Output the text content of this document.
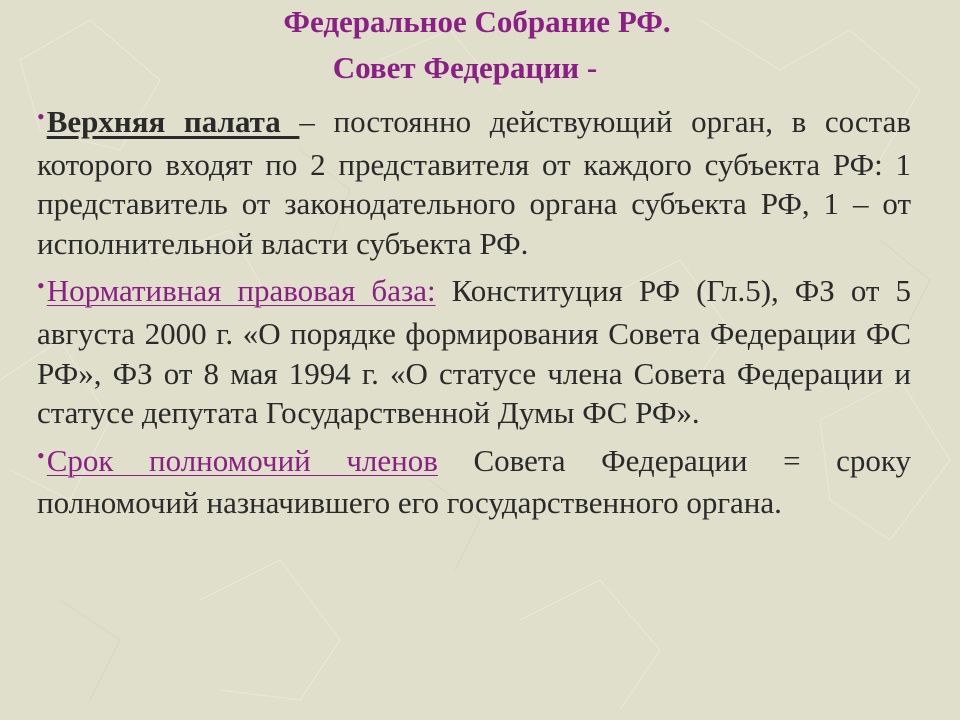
Федеральное Собрание РФ.
Совет Федерации -

•Верхняя палата – постоянно действующий орган, в состав которого входят по 2 представителя от каждого субъекта РФ: 1 представитель от законодательного органа субъекта РФ, 1 – от исполнительной власти субъекта РФ.

•Нормативная правовая база: Конституция РФ (Гл.5), ФЗ от 5 августа 2000 г. «О порядке формирования Совета Федерации ФС РФ», ФЗ от 8 мая 1994 г. «О статусе члена Совета Федерации и статусе депутата Государственной Думы ФС РФ».

•Срок полномочий членов Совета Федерации = сроку полномочий назначившего его государственного органа.
